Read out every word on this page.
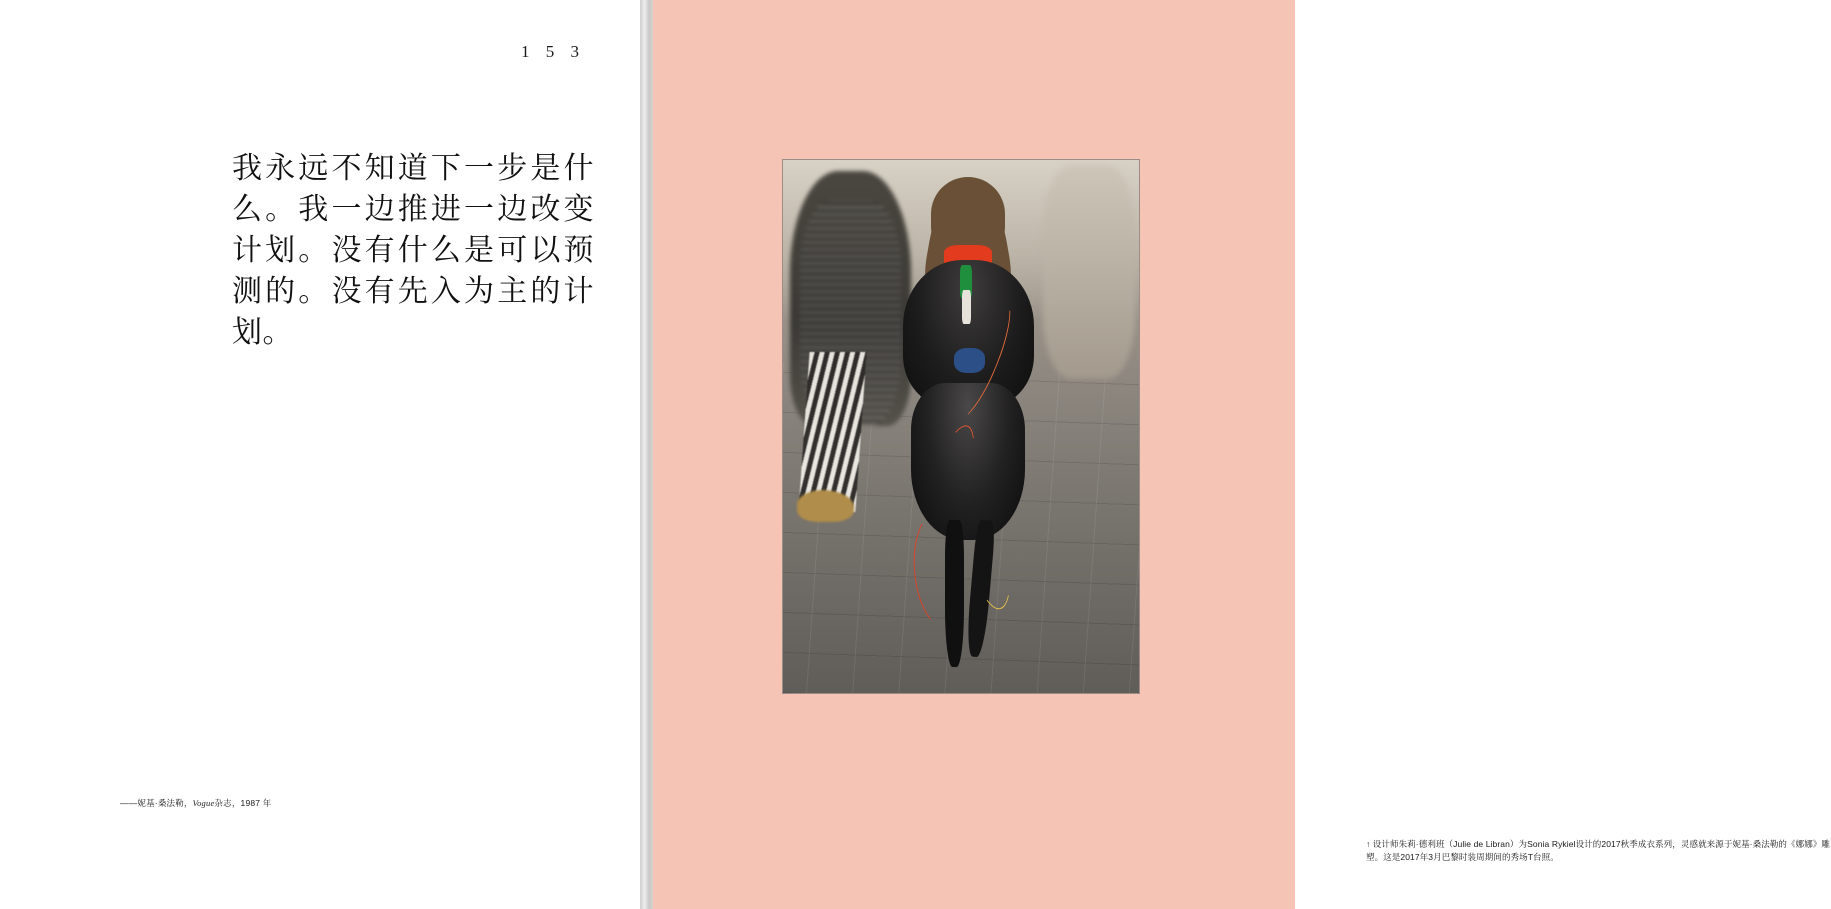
1 5 3
我永远不知道下一步是什么。我一边推进一边改变计划。没有什么是可以预测的。没有先入为主的计划。
——妮基·桑法勒，Vogue杂志，1987 年
↑ 设计师朱莉·德利班（Julie de Libran）为Sonia Rykiel设计的2017秋季成衣系列，灵感就来源于妮基·桑法勒的《娜娜》雕塑。这是2017年3月巴黎时装周期间的秀场T台照。
